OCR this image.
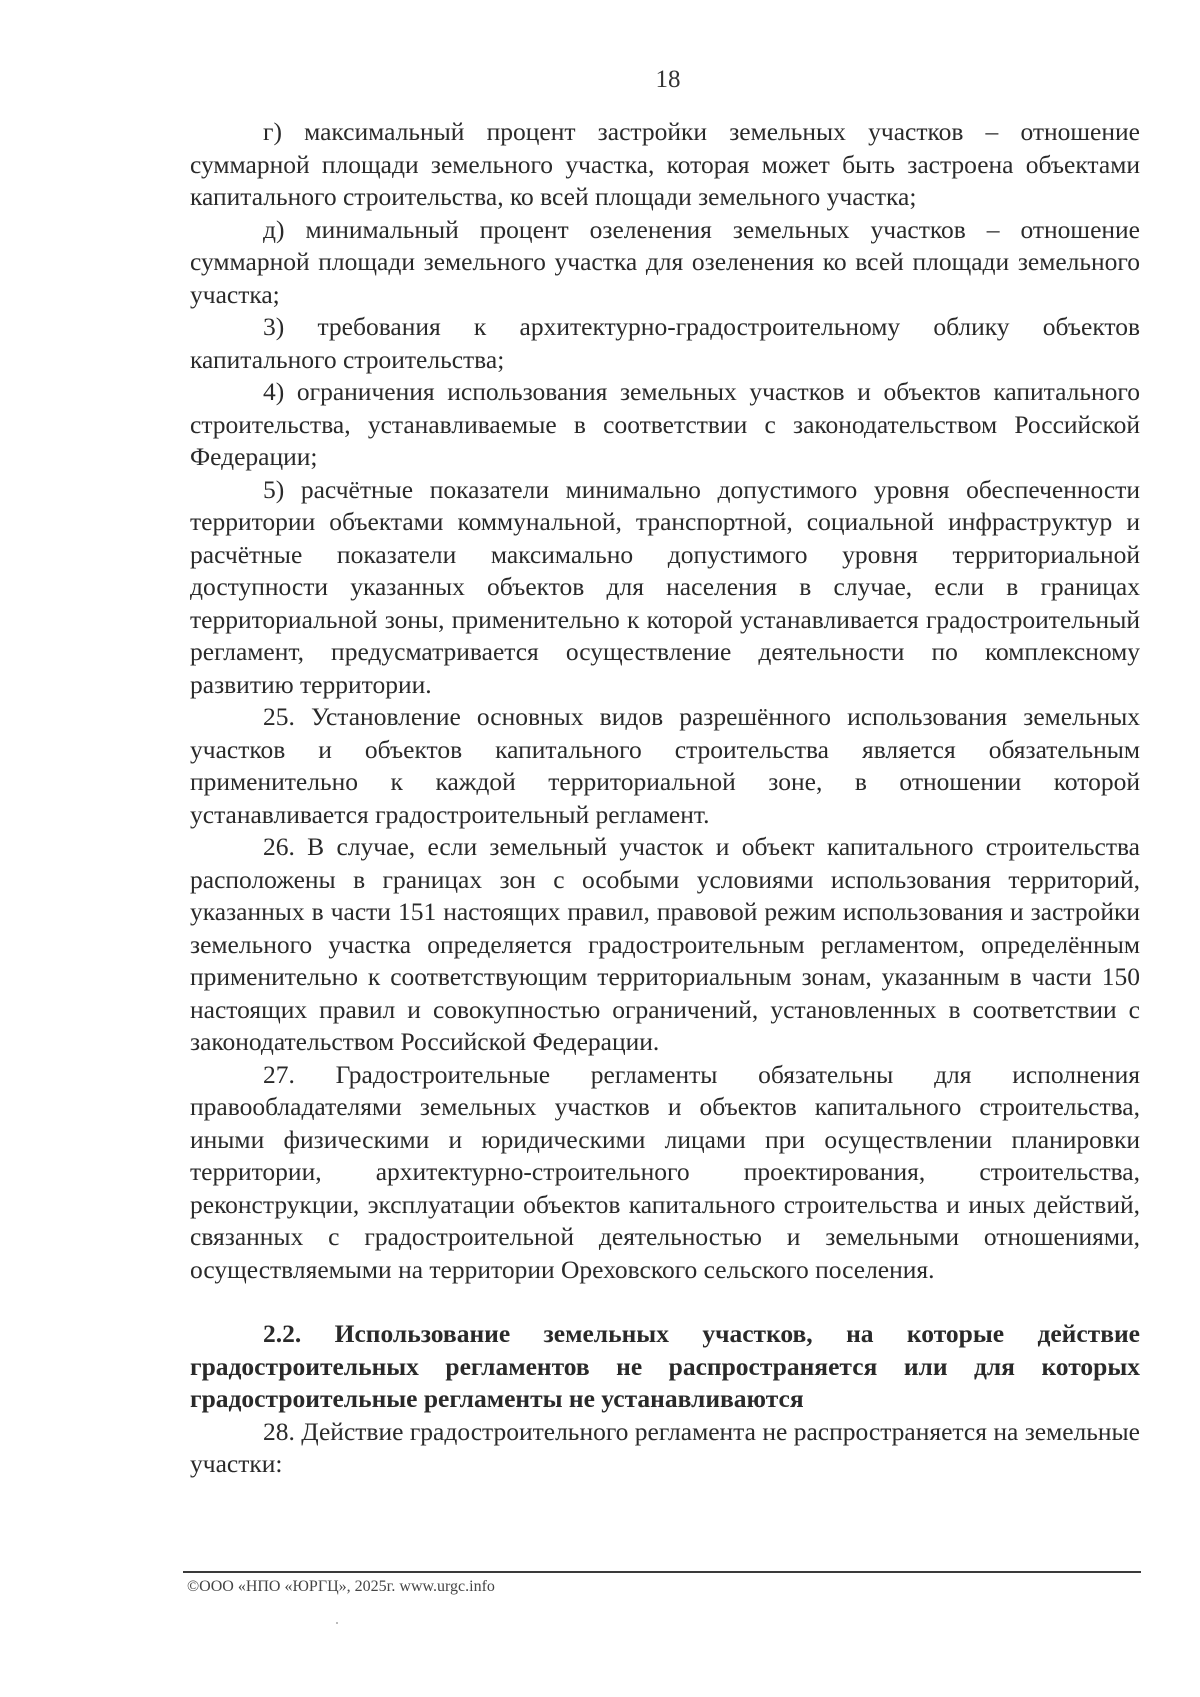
18

г) максимальный процент застройки земельных участков – отношение суммарной площади земельного участка, которая может быть застроена объектами капитального строительства, ко всей площади земельного участка;

д) минимальный процент озеленения земельных участков – отношение суммарной площади земельного участка для озеленения ко всей площади земельного участка;

3) требования к архитектурно-градостроительному облику объектов капитального строительства;

4) ограничения использования земельных участков и объектов капитального строительства, устанавливаемые в соответствии с законодательством Российской Федерации;

5) расчётные показатели минимально допустимого уровня обеспеченности территории объектами коммунальной, транспортной, социальной инфраструктур и расчётные показатели максимально допустимого уровня территориальной доступности указанных объектов для населения в случае, если в границах территориальной зоны, применительно к которой устанавливается градостроительный регламент, предусматривается осуществление деятельности по комплексному развитию территории.

25. Установление основных видов разрешённого использования земельных участков и объектов капитального строительства является обязательным применительно к каждой территориальной зоне, в отношении которой устанавливается градостроительный регламент.

26. В случае, если земельный участок и объект капитального строительства расположены в границах зон с особыми условиями использования территорий, указанных в части 151 настоящих правил, правовой режим использования и застройки земельного участка определяется градостроительным регламентом, определённым применительно к соответствующим территориальным зонам, указанным в части 150 настоящих правил и совокупностью ограничений, установленных в соответствии с законодательством Российской Федерации.

27. Градостроительные регламенты обязательны для исполнения правообладателями земельных участков и объектов капитального строительства, иными физическими и юридическими лицами при осуществлении планировки территории, архитектурно-строительного проектирования, строительства, реконструкции, эксплуатации объектов капитального строительства и иных действий, связанных с градостроительной деятельностью и земельными отношениями, осуществляемыми на территории Ореховского сельского поселения.

2.2. Использование земельных участков, на которые действие градостроительных регламентов не распространяется или для которых градостроительные регламенты не устанавливаются

28. Действие градостроительного регламента не распространяется на земельные участки:

©ООО «НПО «ЮРГЦ», 2025г. www.urgc.info
